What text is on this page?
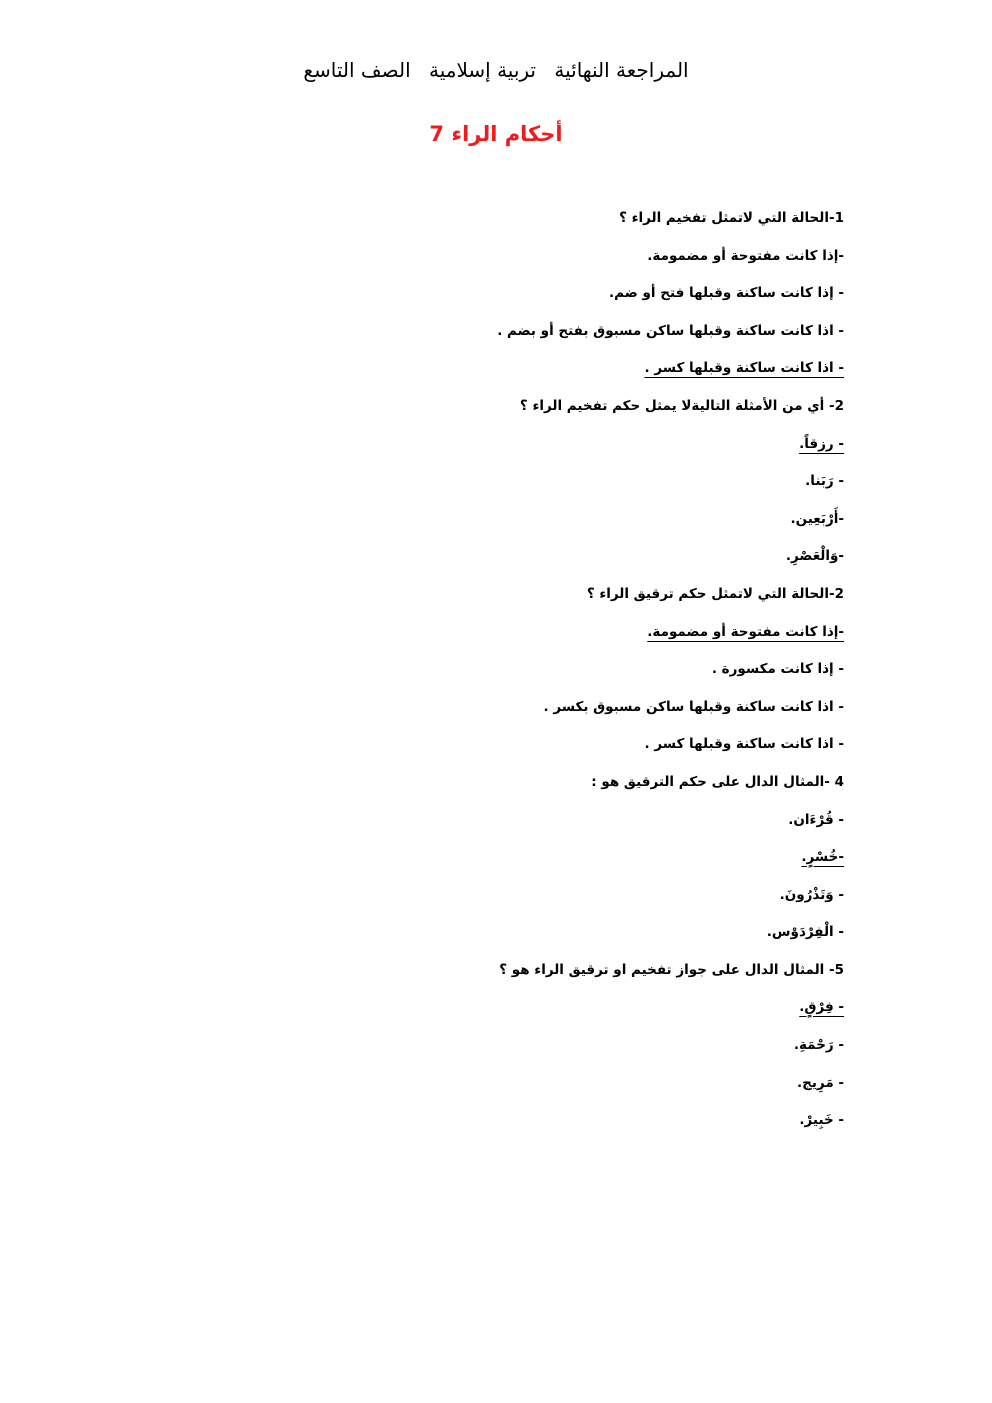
المراجعة النهائية تربية إسلامية الصف التاسع
أحكام الراء 7
1-الحالة التي لاتمثل تفخيم الراء ؟
-إذا كانت مفتوحة أو مضمومة.
- إذا كانت ساكنة وقبلها فتح أو ضم.
- اذا كانت ساكنة وقبلها ساكن مسبوق بفتح أو بضم .
- اذا كانت ساكنة وقبلها كسر .
2- أي من الأمثلة التاليةلا يمثل حكم تفخيم الراء ؟
- رزقاً.
- رَبَنا.
-أَرْبَعِين.
-وَالْعَصْرِ.
2-الحالة التي لاتمثل حكم ترقيق الراء ؟
-إذا كانت مفتوحة أو مضمومة.
- إذا كانت مكسورة .
- اذا كانت ساكنة وقبلها ساكن مسبوق بكسر .
- اذا كانت ساكنة وقبلها كسر .
4 -المثال الدال على حكم الترقيق هو :
- قُرْءَان.
-خُسْرٍ.
- وَتَذْرُونَ.
- الْفِرْدَوْس.
5- المثال الدال على جواز تفخيم او ترقيق الراء هو ؟
- فِرْقٍ.
- رَحْمَةِ.
- مَرِيج.
- خَبِيرْ.
